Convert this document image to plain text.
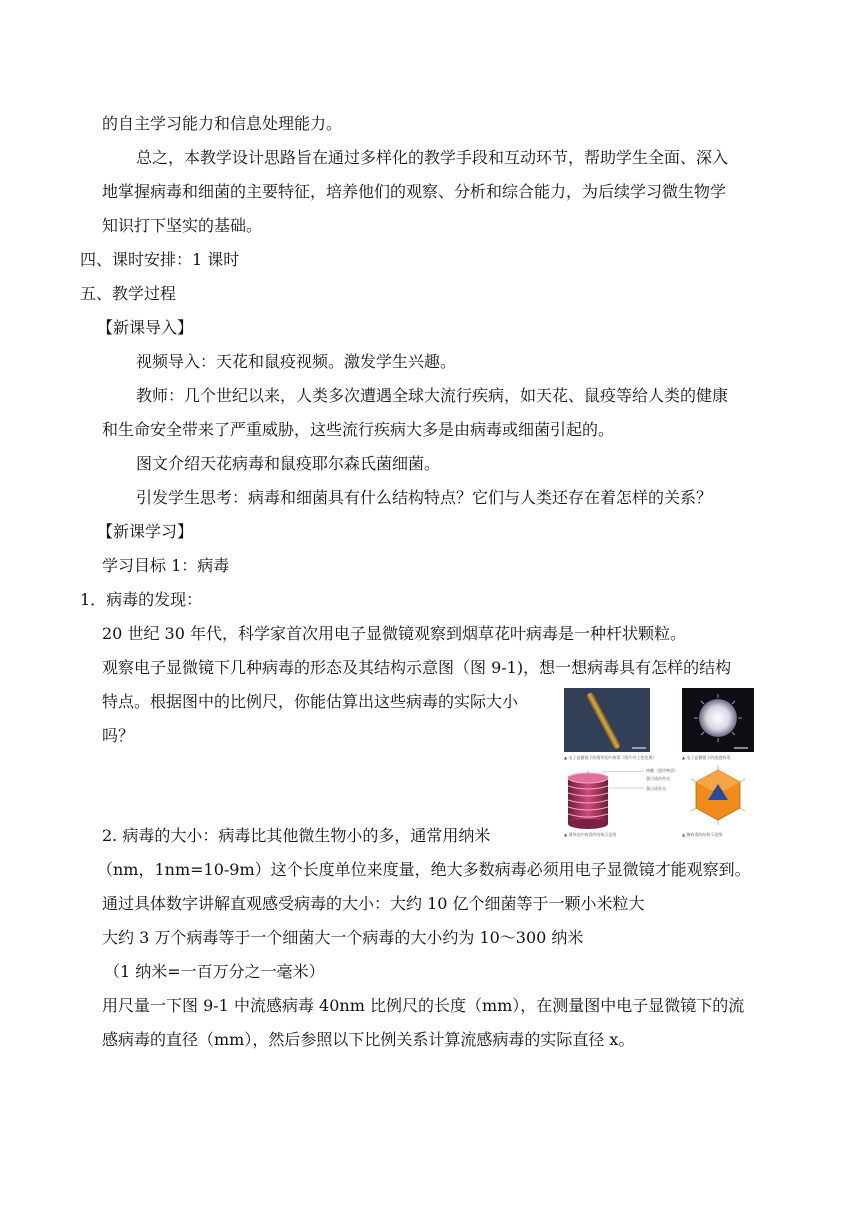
的自主学习能力和信息处理能力。
总之，本教学设计思路旨在通过多样化的教学手段和互动环节，帮助学生全面、深入
地掌握病毒和细菌的主要特征，培养他们的观察、分析和综合能力，为后续学习微生物学
知识打下坚实的基础。
四、课时安排：1 课时
五、教学过程
【新课导入】
视频导入：天花和鼠疫视频。激发学生兴趣。
教师：几个世纪以来，人类多次遭遇全球大流行疾病，如天花、鼠疫等给人类的健康
和生命安全带来了严重威胁，这些流行疾病大多是由病毒或细菌引起的。
图文介绍天花病毒和鼠疫耶尔森氏菌细菌。
引发学生思考：病毒和细菌具有什么结构特点？它们与人类还存在着怎样的关系？
【新课学习】
学习目标 1：病毒
1．病毒的发现：
20 世纪 30 年代，科学家首次用电子显微镜观察到烟草花叶病毒是一种杆状颗粒。
观察电子显微镜下几种病毒的形态及其结构示意图（图 9-1)，想一想病毒具有怎样的结构
特点。根据图中的比例尺，你能估算出这些病毒的实际大小
吗？
2. 病毒的大小：病毒比其他微生物小的多，通常用纳米
（nm，1nm=10-9m）这个长度单位来度量，绝大多数病毒必须用电子显微镜才能观察到。
通过具体数字讲解直观感受病毒的大小：大约 10 亿个细菌等于一颗小米粒大
大约 3 万个病毒等于一个细菌大一个病毒的大小约为 10～300 纳米
（1 纳米=一百万分之一毫米）
用尺量一下图 9-1 中流感病毒 40nm 比例尺的长度（mm），在测量图中电子显微镜下的流
感病毒的直径（mm），然后参照以下比例关系计算流感病毒的实际直径 x。
▲ 电子显微镜下的烟草花叶病毒（图片经上色处理）	▲ 电子显微镜下的流感病毒
核酸（遗传物质）
蛋白质外壳
▲ 烟草花叶病毒的结构示意图	▲ 腺病毒的结构示意图
蛋白质的外壳
